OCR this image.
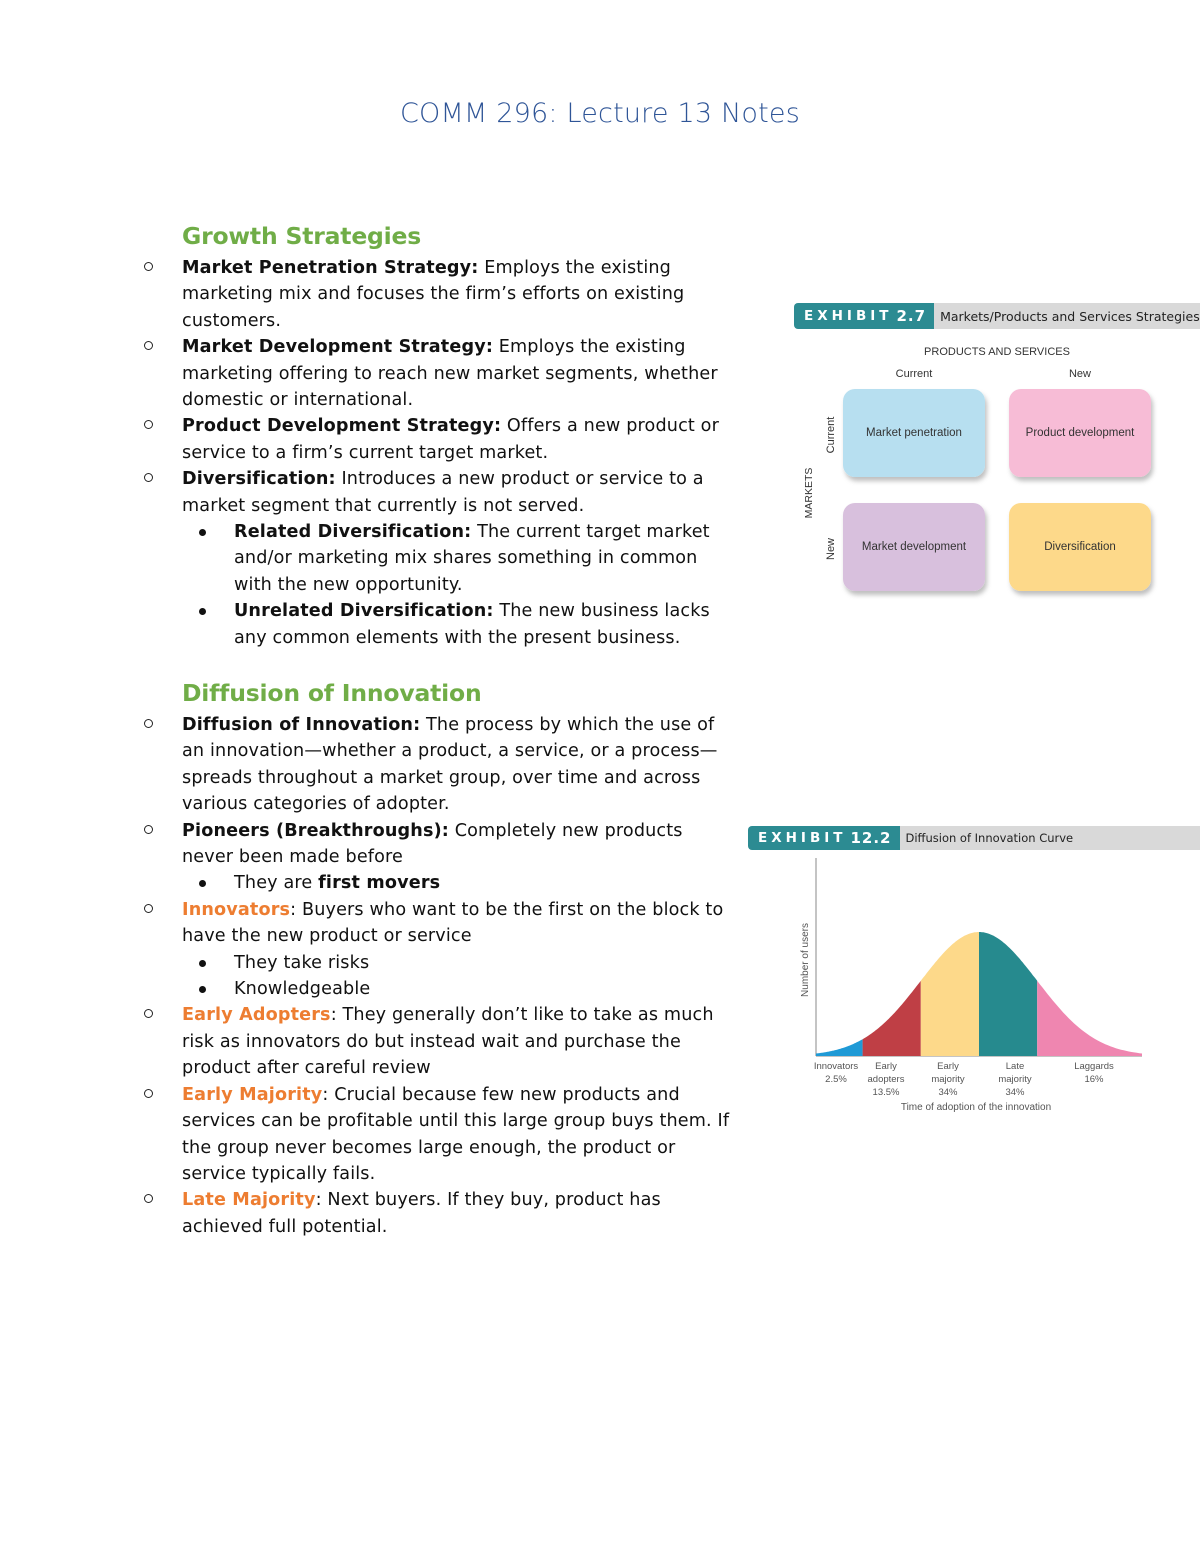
COMM 296: Lecture 13 Notes
Growth Strategies
Market Penetration Strategy: Employs the existing marketing mix and focuses the firm’s efforts on existing customers.
Market Development Strategy: Employs the existing marketing offering to reach new market segments, whether domestic or international.
Product Development Strategy: Offers a new product or service to a firm’s current target market.
Diversification: Introduces a new product or service to a market segment that currently is not served.
Related Diversification: The current target market and/or marketing mix shares something in common with the new opportunity.
Unrelated Diversification: The new business lacks any common elements with the present business.
Diffusion of Innovation
Diffusion of Innovation: The process by which the use of an innovation—whether a product, a service, or a process—spreads throughout a market group, over time and across various categories of adopter.
Pioneers (Breakthroughs): Completely new products never been made before
They are first movers
Innovators: Buyers who want to be the first on the block to have the new product or service
They take risks
Knowledgeable
Early Adopters: They generally don’t like to take as much risk as innovators do but instead wait and purchase the product after careful review
Early Majority: Crucial because few new products and services can be profitable until this large group buys them. If the group never becomes large enough, the product or service typically fails.
Late Majority: Next buyers. If they buy, product has achieved full potential.
EXHIBIT 2.7	Markets/Products and Services Strategies
PRODUCTS AND SERVICES
Current	New
MARKETS
Current
New
Market penetration	Product development
Market development	Diversification
EXHIBIT 12.2	Diffusion of Innovation Curve
Number of users
Time of adoption of the innovation
Innovators
2.5%
Early
adopters
13.5%
Early
majority
34%
Late
majority
34%
Laggards
16%
